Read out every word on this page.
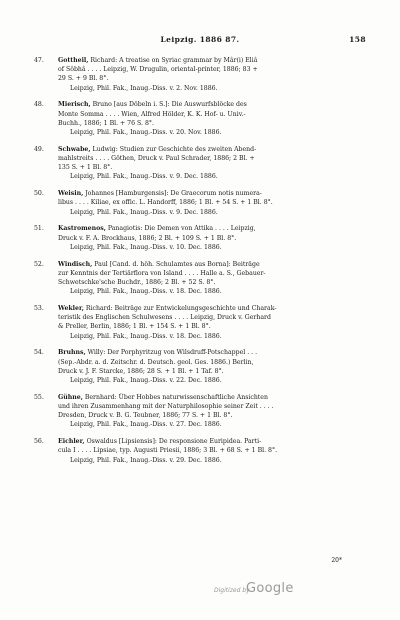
Leipzig. 1886 87.	158
47.	Gottheil, Richard: A treatise on Syriac grammar by Mâr(i) Eliâ
of Sôbhâ . . . . Leipzig, W. Drugulin, oriental-printer, 1886; 83 +
29 S. + 9 Bl. 8°.
Leipzig, Phil. Fak., Inaug.-Diss. v. 2. Nov. 1886.
48.	Mierisch, Bruno [aus Döbeln i. S.]: Die Auswurfsblöcke des
Monte Somma . . . . Wien, Alfred Hölder, K. K. Hof- u. Univ.-
Buchh., 1886; 1 Bl. + 76 S. 8°.
Leipzig, Phil. Fak., Inaug.-Diss. v. 20. Nov. 1886.
49.	Schwabe, Ludwig: Studien zur Geschichte des zweiten Abend-
mahlstreits . . . . Göthen, Druck v. Paul Schrader, 1886; 2 Bl. +
135 S. + 1 Bl. 8°.
Leipzig, Phil. Fak., Inaug.-Diss. v. 9. Dec. 1886.
50.	Weisin, Johannes [Hamburgensis]: De Graecorum notis numera-
libus . . . . Kiliae, ex offic. L. Handorff, 1886; 1 Bl. + 54 S. + 1 Bl. 8°.
Leipzig, Phil. Fak., Inaug.-Diss. v. 9. Dec. 1886.
51.	Kastromenos, Panagiotis: Die Demen von Attika . . . . Leipzig,
Druck v. F. A. Brockhaus, 1886; 2 Bl. + 109 S. + 1 Bl. 8°.
Leipzig, Phil. Fak., Inaug.-Diss. v. 10. Dec. 1886.
52.	Windisch, Paul [Cand. d. höh. Schulamtes aus Borna]: Beiträge
zur Kenntnis der Tertiärflora von Island . . . . Halle a. S., Gebauer-
Schwetschke'sche Buchdr., 1886; 2 Bl. + 52 S. 8°.
Leipzig, Phil. Fak., Inaug.-Diss. v. 18. Dec. 1886.
53.	Wekler, Richard: Beiträge zur Entwickelungsgeschichte und Charak-
teristik des Englischen Schulwesens . . . . Leipzig, Druck v. Gerhard
& Preller, Berlin, 1886; 1 Bl. + 154 S. + 1 Bl. 8°.
Leipzig, Phil. Fak., Inaug.-Diss. v. 18. Dec. 1886.
54.	Bruhns, Willy: Der Porphyritzug von Wilsdruff-Potschappel . . .
(Sep.-Abdr. a. d. Zeitschr. d. Deutsch. geol. Ges. 1886.) Berlin,
Druck v. J. F. Starcke, 1886; 28 S. + 1 Bl. + 1 Taf. 8°.
Leipzig, Phil. Fak., Inaug.-Diss. v. 22. Dec. 1886.
55.	Gühne, Bernhard: Über Hobbes naturwissenschaftliche Ansichten
und ihren Zusammenhang mit der Naturphilosophie seiner Zeit . . . .
Dresden, Druck v. B. G. Teubner, 1886; 77 S. + 1 Bl. 8°.
Leipzig, Phil. Fak., Inaug.-Diss. v. 27. Dec. 1886.
56.	Eichler, Oswaldus [Lipsiensis]: De responsione Euripidea. Parti-
cula I . . . . Lipsiae, typ. Augusti Priesii, 1886; 3 Bl. + 68 S. + 1 Bl. 8°.
Leipzig, Phil. Fak., Inaug.-Diss. v. 29. Dec. 1886.
20*
Digitized by
Google
